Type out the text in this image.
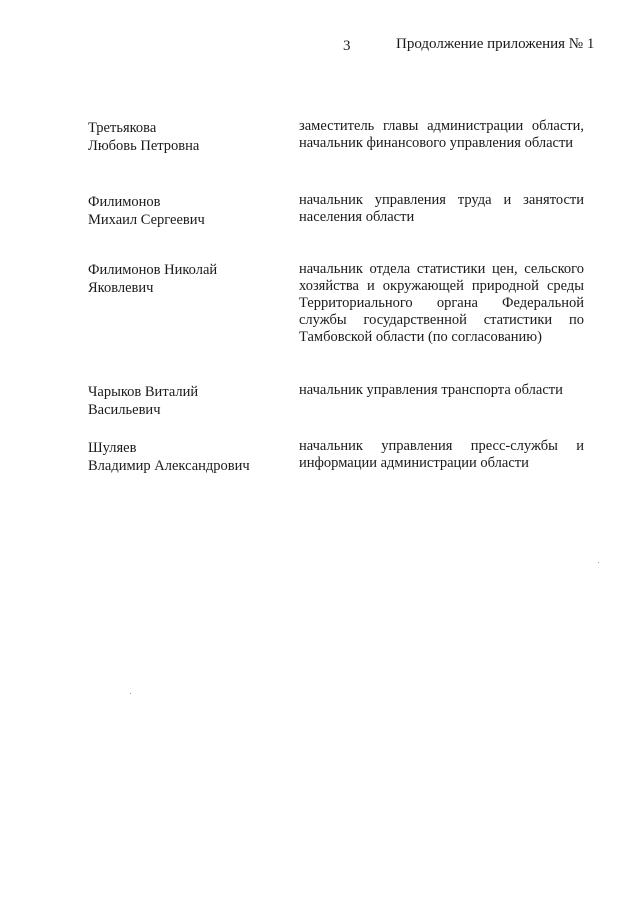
3	Продолжение приложения № 1
Третьякова
Любовь Петровна
заместитель главы администрации области, начальник финансового управления области
Филимонов
Михаил Сергеевич
начальник управления труда и занятости населения области
Филимонов Николай
Яковлевич
начальник отдела статистики цен, сельского хозяйства и окружающей природной среды Территориального органа Федеральной службы государственной статистики по Тамбовской области (по согласованию)
Чарыков Виталий
Васильевич
начальник управления транспорта области
Шуляев
Владимир Александрович
начальник управления пресс-службы и информации администрации области
